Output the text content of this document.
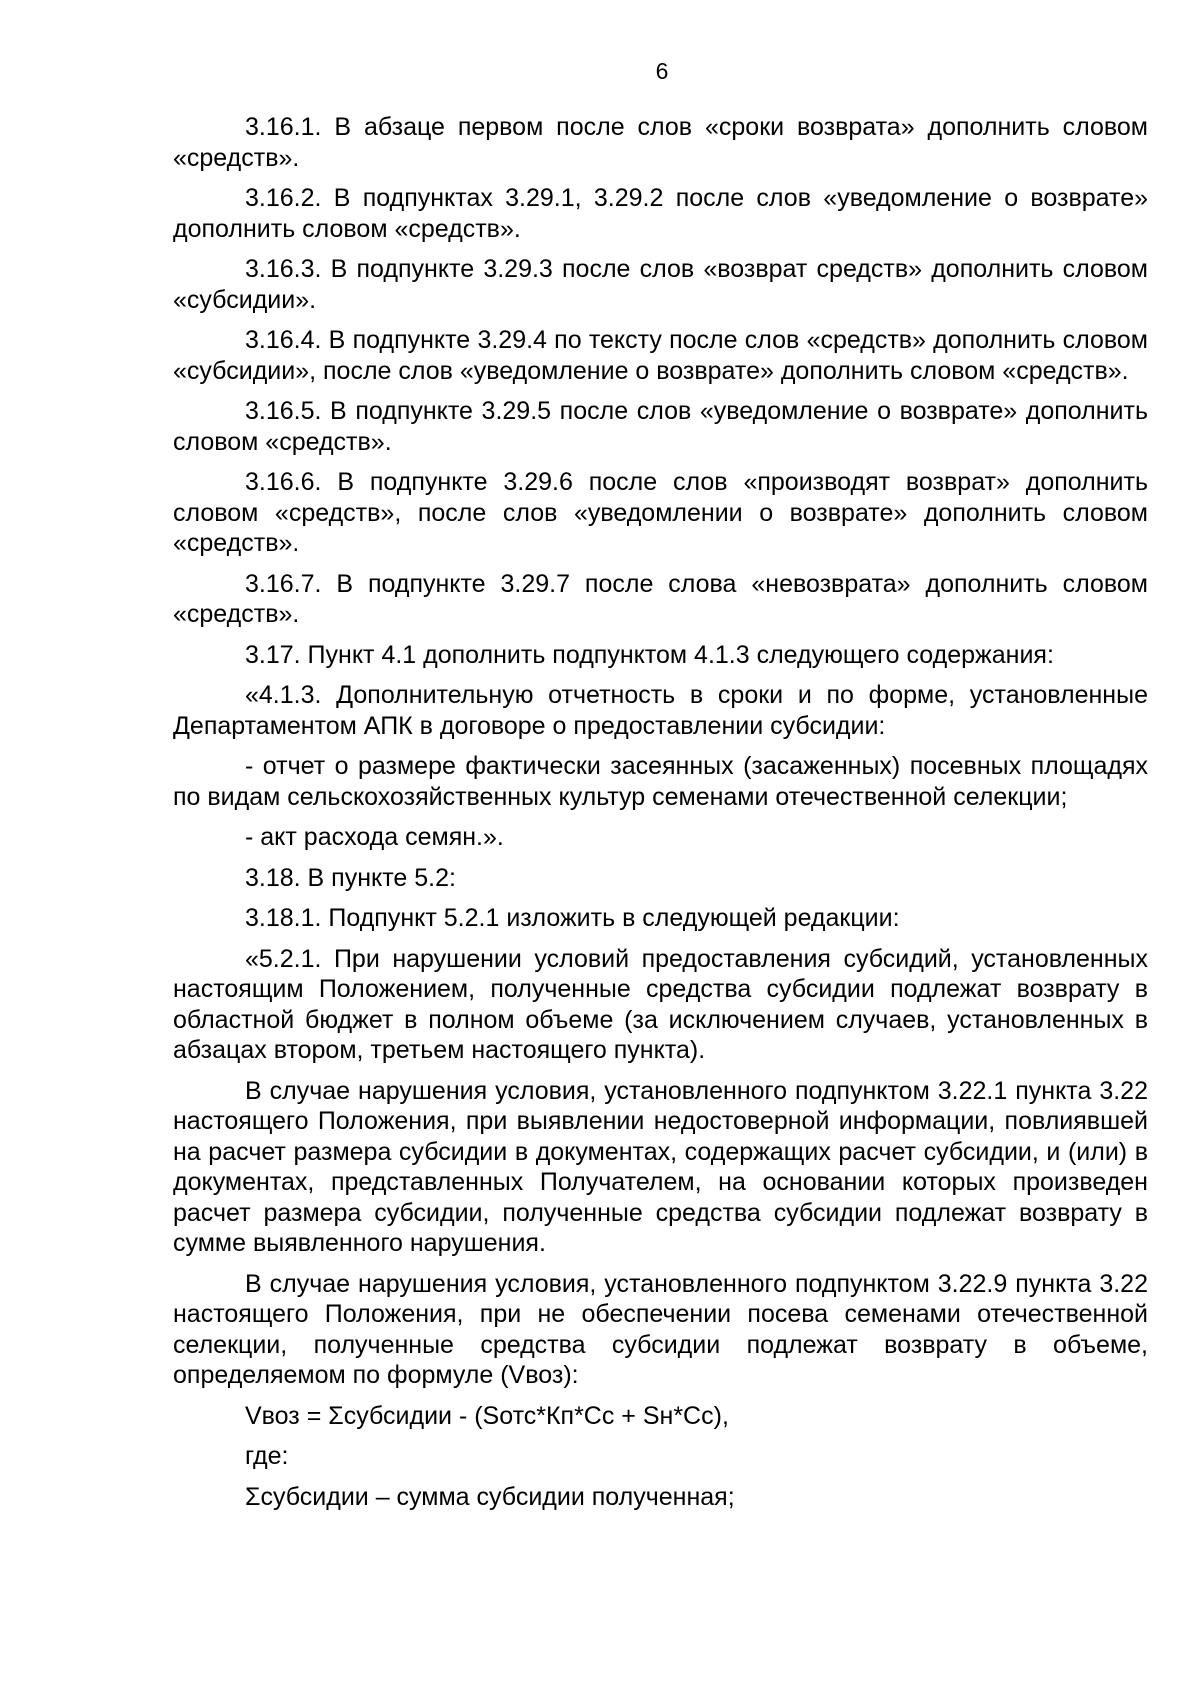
6

3.16.1. В абзаце первом после слов «сроки возврата» дополнить словом «средств».

3.16.2. В подпунктах 3.29.1, 3.29.2 после слов «уведомление о возврате» дополнить словом «средств».

3.16.3. В подпункте 3.29.3 после слов «возврат средств» дополнить словом «субсидии».

3.16.4. В подпункте 3.29.4 по тексту после слов «средств» дополнить словом «субсидии», после слов «уведомление о возврате» дополнить словом «средств».

3.16.5. В подпункте 3.29.5 после слов «уведомление о возврате» дополнить словом «средств».

3.16.6. В подпункте 3.29.6 после слов «производят возврат» дополнить словом «средств», после слов «уведомлении о возврате» дополнить словом «средств».

3.16.7. В подпункте 3.29.7 после слова «невозврата» дополнить словом «средств».

3.17. Пункт 4.1 дополнить подпунктом 4.1.3 следующего содержания:

«4.1.3. Дополнительную отчетность в сроки и по форме, установленные Департаментом АПК в договоре о предоставлении субсидии:

- отчет о размере фактически засеянных (засаженных) посевных площадях по видам сельскохозяйственных культур семенами отечественной селекции;

- акт расхода семян.».

3.18. В пункте 5.2:

3.18.1. Подпункт 5.2.1 изложить в следующей редакции:

«5.2.1. При нарушении условий предоставления субсидий, установленных настоящим Положением, полученные средства субсидии подлежат возврату в областной бюджет в полном объеме (за исключением случаев, установленных в абзацах втором, третьем настоящего пункта).

В случае нарушения условия, установленного подпунктом 3.22.1 пункта 3.22 настоящего Положения, при выявлении недостоверной информации, повлиявшей на расчет размера субсидии в документах, содержащих расчет субсидии, и (или) в документах, представленных Получателем, на основании которых произведен расчет размера субсидии, полученные средства субсидии подлежат возврату в сумме выявленного нарушения.

В случае нарушения условия, установленного подпунктом 3.22.9 пункта 3.22 настоящего Положения, при не обеспечении посева семенами отечественной селекции, полученные средства субсидии подлежат возврату в объеме, определяемом по формуле (Vвоз):

Vвоз = Σсубсидии - (Sотс*Кп*Сс + Sн*Сс),

где:

Σсубсидии – сумма субсидии полученная;
